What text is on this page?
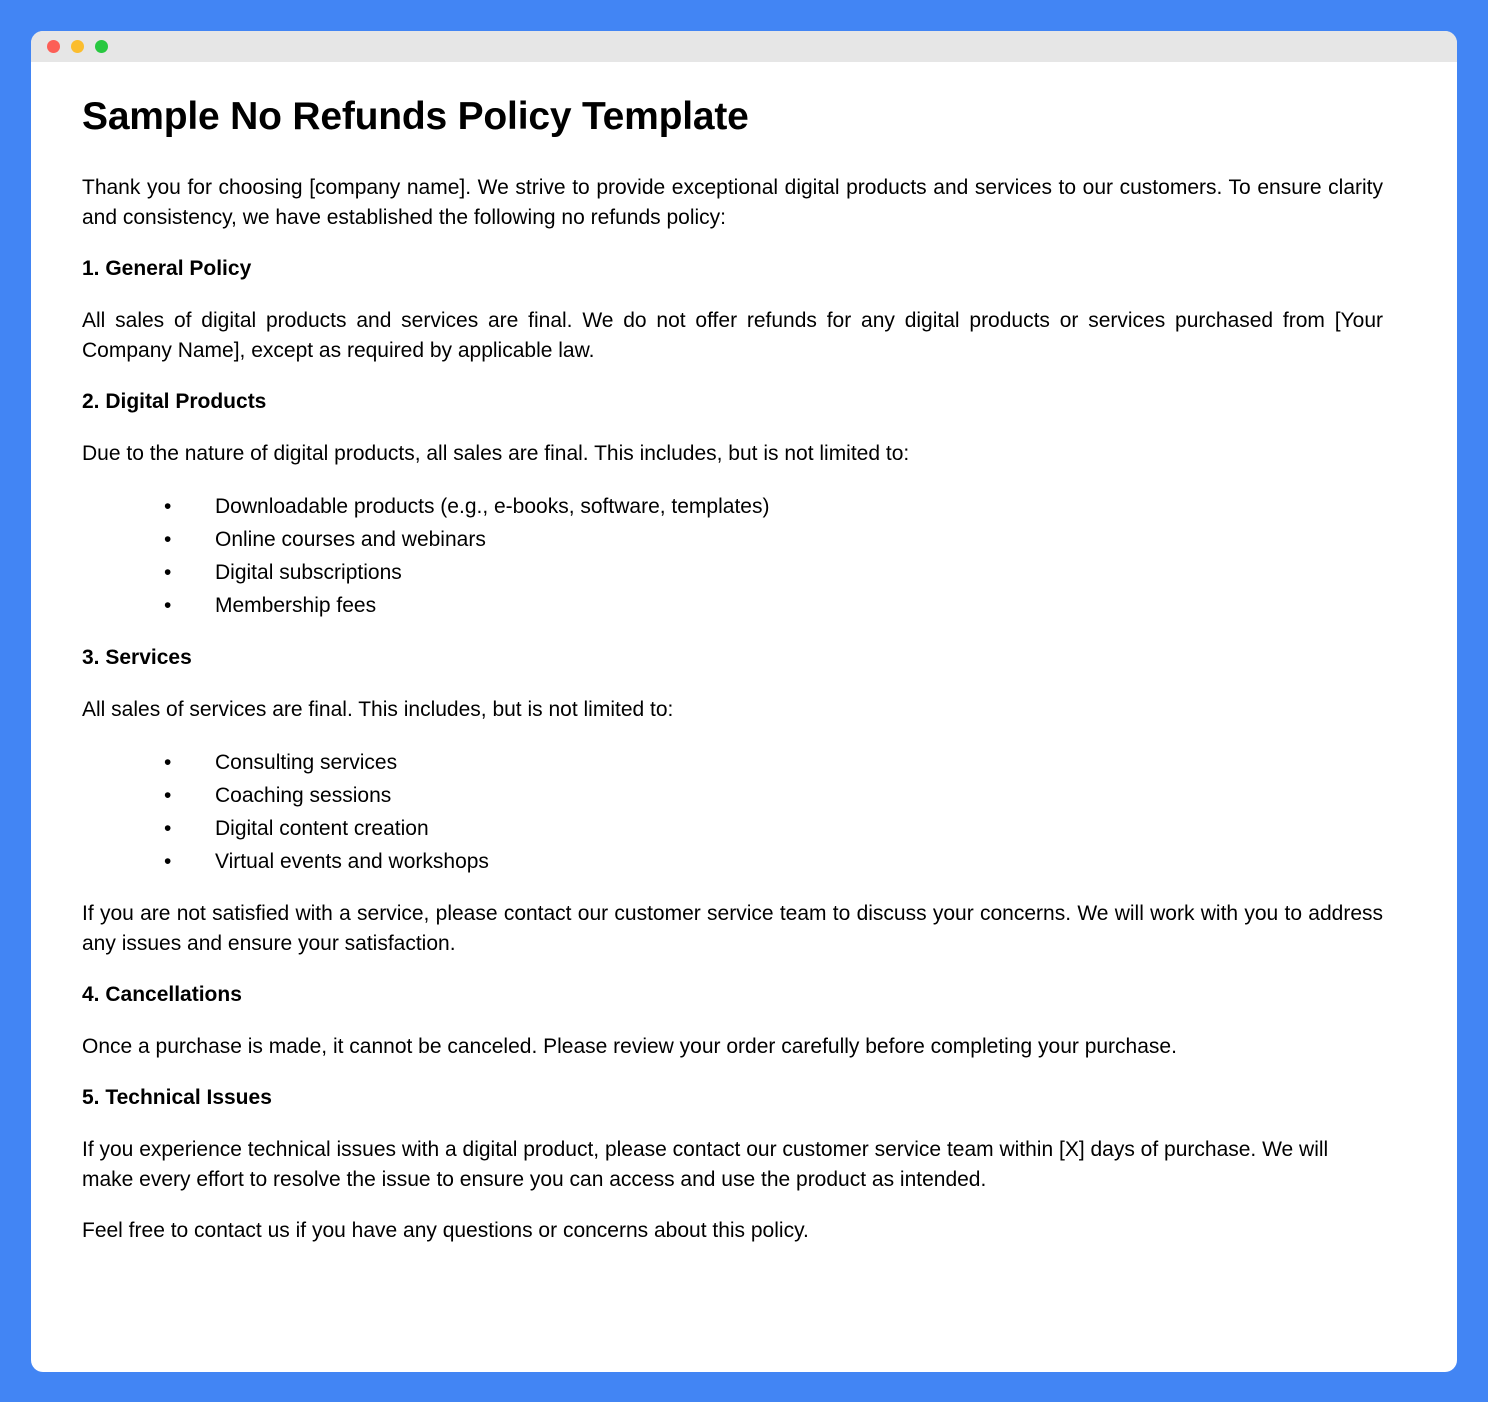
Sample No Refunds Policy Template

Thank you for choosing [company name]. We strive to provide exceptional digital products and services to our customers. To ensure clarity and consistency, we have established the following no refunds policy:

1. General Policy

All sales of digital products and services are final. We do not offer refunds for any digital products or services purchased from [Your Company Name], except as required by applicable law.

2. Digital Products

Due to the nature of digital products, all sales are final. This includes, but is not limited to:

• Downloadable products (e.g., e-books, software, templates)
• Online courses and webinars
• Digital subscriptions
• Membership fees
3. Services

All sales of services are final. This includes, but is not limited to:

• Consulting services
• Coaching sessions
• Digital content creation
• Virtual events and workshops

If you are not satisfied with a service, please contact our customer service team to discuss your concerns. We will work with you to address any issues and ensure your satisfaction.

4. Cancellations

Once a purchase is made, it cannot be canceled. Please review your order carefully before completing your purchase.

5. Technical Issues

If you experience technical issues with a digital product, please contact our customer service team within [X] days of purchase. We will make every effort to resolve the issue to ensure you can access and use the product as intended.

Feel free to contact us if you have any questions or concerns about this policy.
